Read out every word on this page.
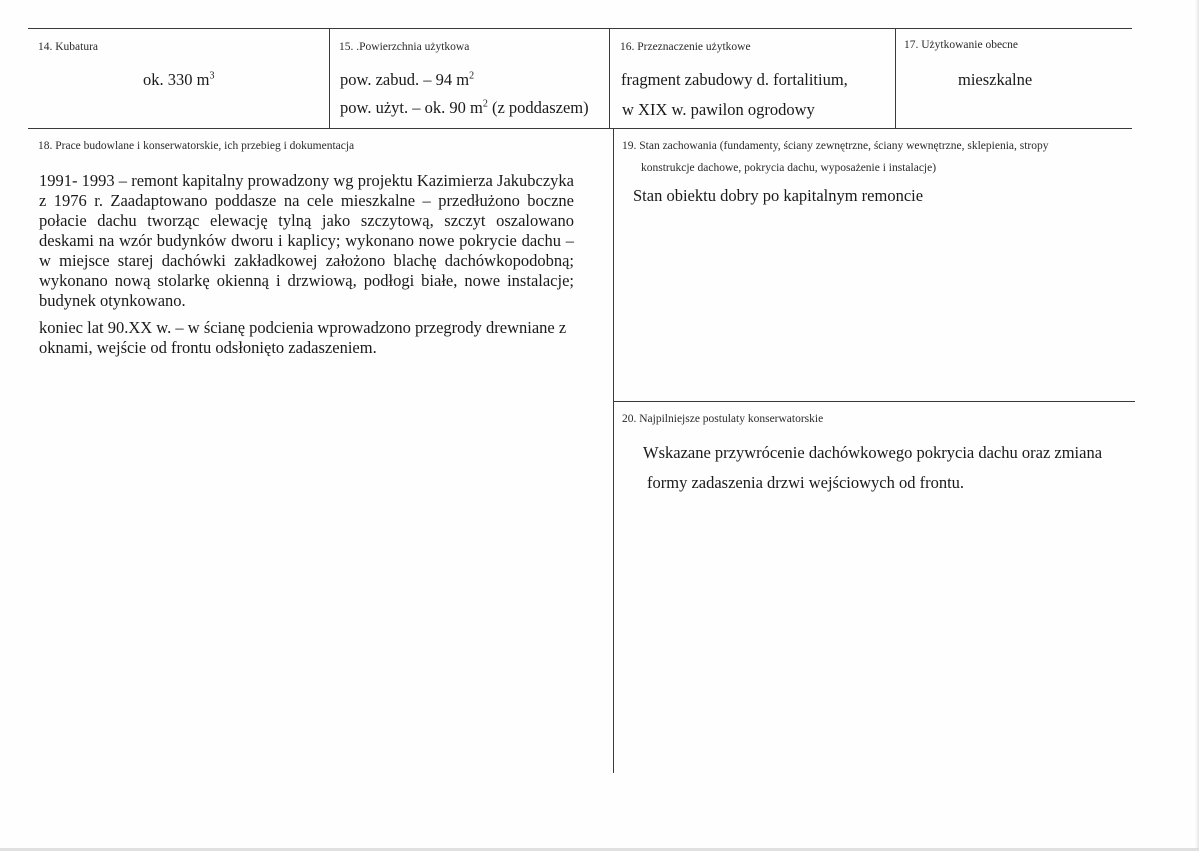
14. Kubatura
ok. 330 $m^3$
15. .Powierzchnia użytkowa
pow. zabud. – 94 $m^2$
pow. użyt. – ok. 90 $m^2$ (z poddaszem)
16. Przeznaczenie użytkowe
fragment zabudowy d. fortalitium,
w XIX w. pawilon ogrodowy
17. Użytkowanie obecne
mieszkalne
18. Prace budowlane i konserwatorskie, ich przebieg i dokumentacja
1991- 1993 – remont kapitalny prowadzony wg projektu Kazimierza Jakubczyka z 1976 r. Zaadaptowano poddasze na cele mieszkalne – przedłużono boczne połacie dachu tworząc elewację tylną jako szczytową, szczyt oszalowano deskami na wzór budynków dworu i kaplicy; wykonano nowe pokrycie dachu – w miejsce starej dachówki zakładkowej założono blachę dachówkopodobną; wykonano nową stolarkę okienną i drzwiową, podłogi białe, nowe instalacje; budynek otynkowano.
koniec lat 90.XX w. – w ścianę podcienia wprowadzono przegrody drewniane z oknami, wejście od frontu odsłonięto zadaszeniem.
19. Stan zachowania (fundamenty, ściany zewnętrzne, ściany wewnętrzne, sklepienia, stropy
konstrukcje dachowe, pokrycia dachu, wyposażenie i instalacje)
Stan obiektu dobry po kapitalnym remoncie
20. Najpilniejsze postulaty konserwatorskie
Wskazane przywrócenie dachówkowego pokrycia dachu oraz zmiana
formy zadaszenia drzwi wejściowych od frontu.
